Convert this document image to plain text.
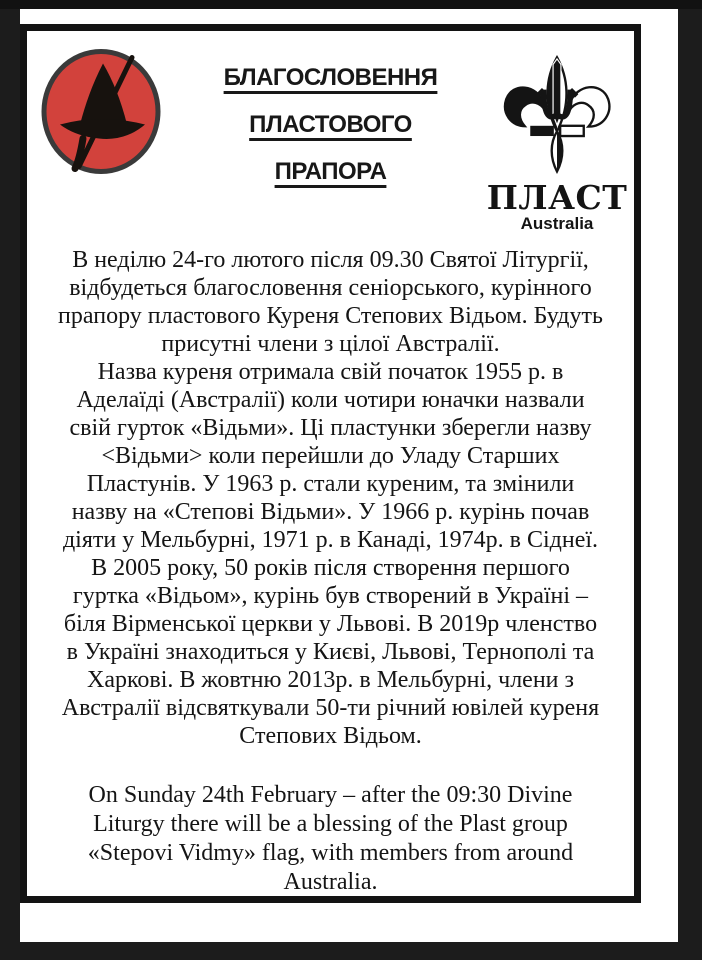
БЛАГОСЛОВЕННЯ
ПЛАСТОВОГО
ПРАПОРА
ПЛАСТ
Australia
В неділю 24-го лютого після 09.30 Святої Літургії,
відбудеться благословення сеніорського, курінного
прапору пластового Куреня Степових Відьом. Будуть
присутні члени з цілої Австралії.
Назва куреня отримала свій початок 1955 р. в
Аделаїді (Австралії) коли чотири юначки назвали
свій гурток «Відьми». Ці пластунки зберегли назву
<Відьми> коли перейшли до Уладу Старших
Пластунів. У 1963 р. стали куреним, та змінили
назву на «Степові Відьми». У 1966 р. курінь почав
діяти у Мельбурні, 1971 р. в Канаді, 1974р. в Сіднеї.
В 2005 року, 50 років після створення першого
гуртка «Відьом», курінь був створений в Україні –
біля Вірменської церкви у Львові. В 2019р членство
в Україні знаходиться у Києві, Львові, Тернополі та
Харкові. В жовтню 2013р. в Мельбурні, члени з
Австралії відсвяткували 50-ти річний ювілей куреня
Степових Відьом.
On Sunday 24th February – after the 09:30 Divine
Liturgy there will be a blessing of the Plast group
«Stepovi Vidmy» flag, with members from around
Australia.
